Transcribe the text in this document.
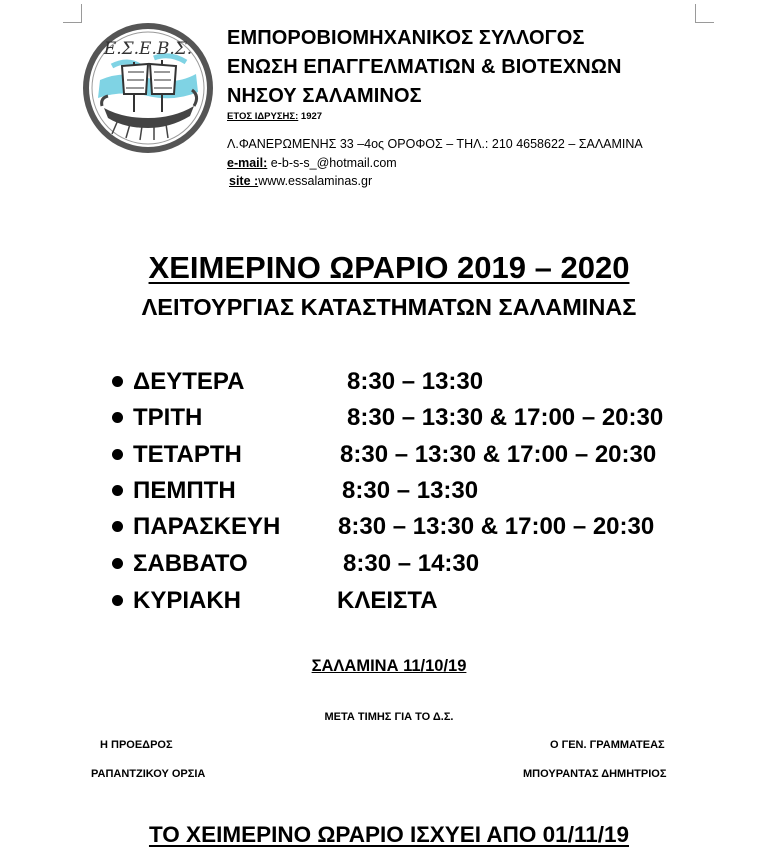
Ε.Σ.Ε.Β.Σ. ΕΜΠΟΡΟΒΙΟΜΗΧΑΝΙΚΟΣ ΣΥΛΛΟΓΟΣ
ΕΝΩΣΗ ΕΠΑΓΓΕΛΜΑΤΙΩΝ & ΒΙΟΤΕΧΝΩΝ
ΝΗΣΟΥ ΣΑΛΑΜΙΝΟΣ
ΕΤΟΣ ΙΔΡΥΣΗΣ: 1927
Λ.ΦΑΝΕΡΩΜΕΝΗΣ 33 –4ος ΟΡΟΦΟΣ – ΤΗΛ.: 210 4658622 – ΣΑΛΑΜΙΝΑ
e-mail: e-b-s-s_@hotmail.com
site :www.essalaminas.gr
ΧΕΙΜΕΡΙΝΟ ΩΡΑΡΙΟ 2019 – 2020
ΛΕΙΤΟΥΡΓΙΑΣ ΚΑΤΑΣΤΗΜΑΤΩΝ ΣΑΛΑΜΙΝΑΣ
ΔΕΥΤΕΡΑ	8:30 – 13:30
ΤΡΙΤΗ	8:30 – 13:30 & 17:00 – 20:30
ΤΕΤΑΡΤΗ	8:30 – 13:30 & 17:00 – 20:30
ΠΕΜΠΤΗ	8:30 – 13:30
ΠΑΡΑΣΚΕΥΗ 8:30 – 13:30 & 17:00 – 20:30
ΣΑΒΒΑΤΟ	8:30 – 14:30
ΚΥΡΙΑΚΗ	ΚΛΕΙΣΤΑ
ΣΑΛΑΜΙΝΑ 11/10/19
ΜΕΤΑ ΤΙΜΗΣ ΓΙΑ ΤΟ Δ.Σ.
Η ΠΡΟΕΔΡΟΣ
ΡΑΠΑΝΤΖΙΚΟΥ ΟΡΣΙΑ
Ο ΓΕΝ. ΓΡΑΜΜΑΤΕΑΣ
ΜΠΟΥΡΑΝΤΑΣ ΔΗΜΗΤΡΙΟΣ
ΤΟ ΧΕΙΜΕΡΙΝΟ ΩΡΑΡΙΟ ΙΣΧΥΕΙ ΑΠΟ 01/11/19
